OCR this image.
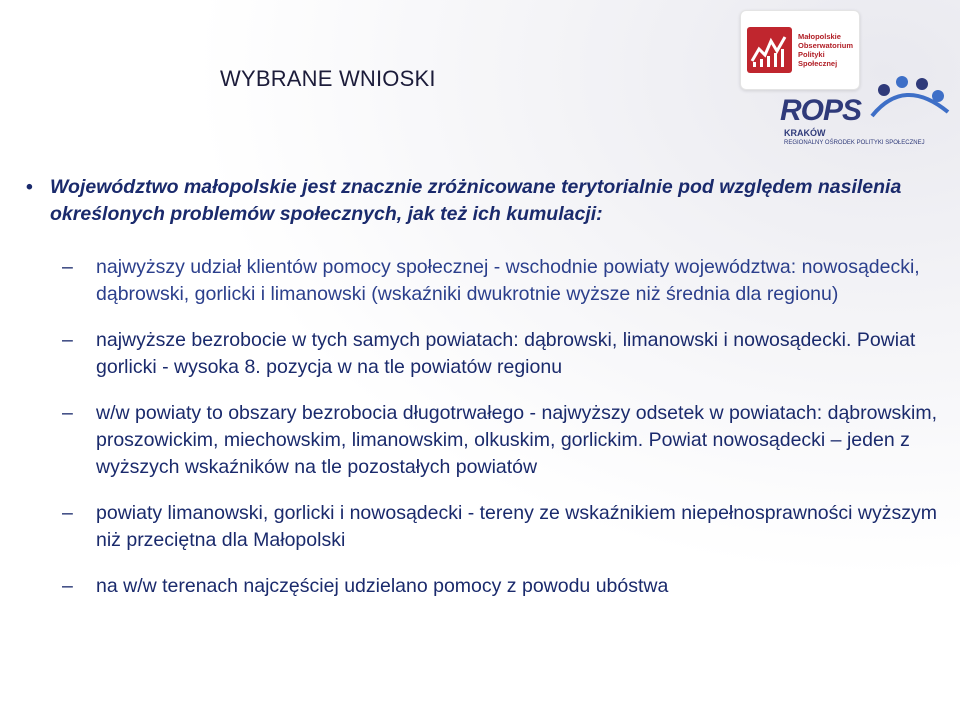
Małopolskie
Obserwatorium
Polityki
Społecznej
ROPS
KRAKÓW
REGIONALNY OŚRODEK POLITYKI SPOŁECZNEJ
WYBRANE WNIOSKI
• Województwo małopolskie jest znacznie zróżnicowane terytorialnie pod względem nasilenia określonych problemów społecznych, jak też ich kumulacji:
– najwyższy udział klientów pomocy społecznej - wschodnie powiaty województwa: nowosądecki, dąbrowski, gorlicki i limanowski (wskaźniki dwukrotnie wyższe niż średnia dla regionu)
– najwyższe bezrobocie w tych samych powiatach: dąbrowski, limanowski i nowosądecki. Powiat gorlicki - wysoka 8. pozycja w na tle powiatów regionu
– w/w powiaty to obszary bezrobocia długotrwałego - najwyższy odsetek w powiatach: dąbrowskim, proszowickim, miechowskim, limanowskim, olkuskim, gorlickim. Powiat nowosądecki – jeden z wyższych wskaźników na tle pozostałych powiatów
– powiaty limanowski, gorlicki i nowosądecki - tereny ze wskaźnikiem niepełnosprawności wyższym niż przeciętna dla Małopolski
– na w/w terenach najczęściej udzielano pomocy z powodu ubóstwa
